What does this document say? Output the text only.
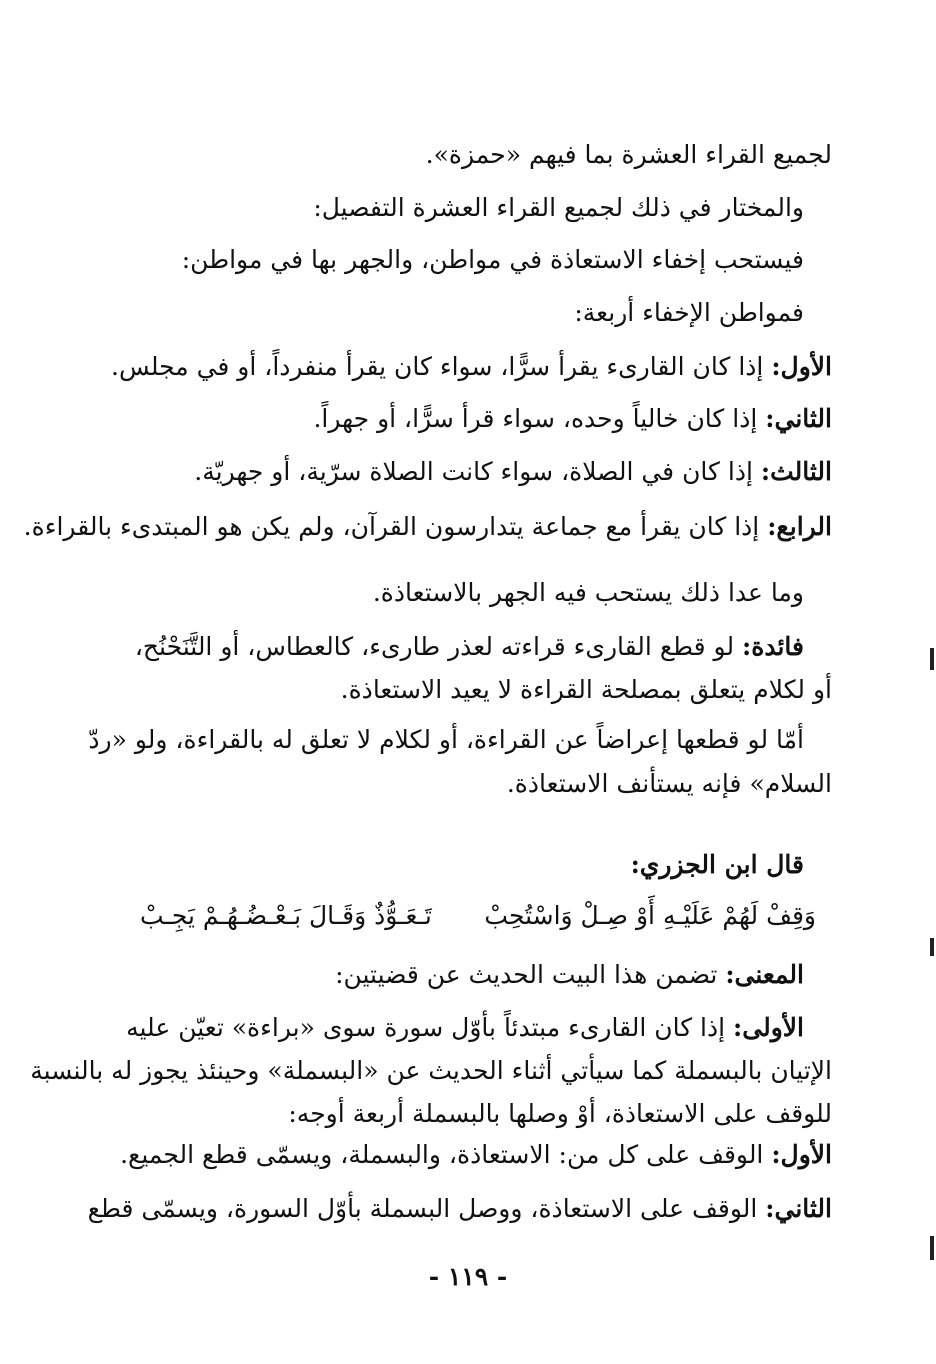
لجميع القراء العشرة بما فيهم «حمزة».
والمختار في ذلك لجميع القراء العشرة التفصيل:
فيستحب إخفاء الاستعاذة في مواطن، والجهر بها في مواطن:
فمواطن الإخفاء أربعة:
الأول: إذا كان القارىء يقرأ سرًّا، سواء كان يقرأ منفرداً، أو في مجلس.
الثاني: إذا كان خالياً وحده، سواء قرأ سرًّا، أو جهراً.
الثالث: إذا كان في الصلاة، سواء كانت الصلاة سرّية، أو جهريّة.
الرابع: إذا كان يقرأ مع جماعة يتدارسون القرآن، ولم يكن هو المبتدىء بالقراءة.
وما عدا ذلك يستحب فيه الجهر بالاستعاذة.
فائدة: لو قطع القارىء قراءته لعذر طارىء، كالعطاس، أو التَّنَحْنُح،
أو لكلام يتعلق بمصلحة القراءة لا يعيد الاستعاذة.
أمّا لو قطعها إعراضاً عن القراءة، أو لكلام لا تعلق له بالقراءة، ولو «ردّ
السلام» فإنه يستأنف الاستعاذة.
قال ابن الجزري:
وَقِفْ لَهُمْ عَلَيْـهِ أَوْ صِـلْ وَاسْتُحِبْ
تَـعَـوُّذٌ وَقَـالَ بَـعْـضُـهُـمْ يَجِـبْ
المعنى: تضمن هذا البيت الحديث عن قضيتين:
الأولى: إذا كان القارىء مبتدئاً بأوّل سورة سوى «براءة» تعيّن عليه
الإتيان بالبسملة كما سيأتي أثناء الحديث عن «البسملة» وحينئذ يجوز له بالنسبة
للوقف على الاستعاذة، أوْ وصلها بالبسملة أربعة أوجه:
الأول: الوقف على كل من: الاستعاذة، والبسملة، ويسمّى قطع الجميع.
الثاني: الوقف على الاستعاذة، ووصل البسملة بأوّل السورة، ويسمّى قطع
- ١١٩ -
